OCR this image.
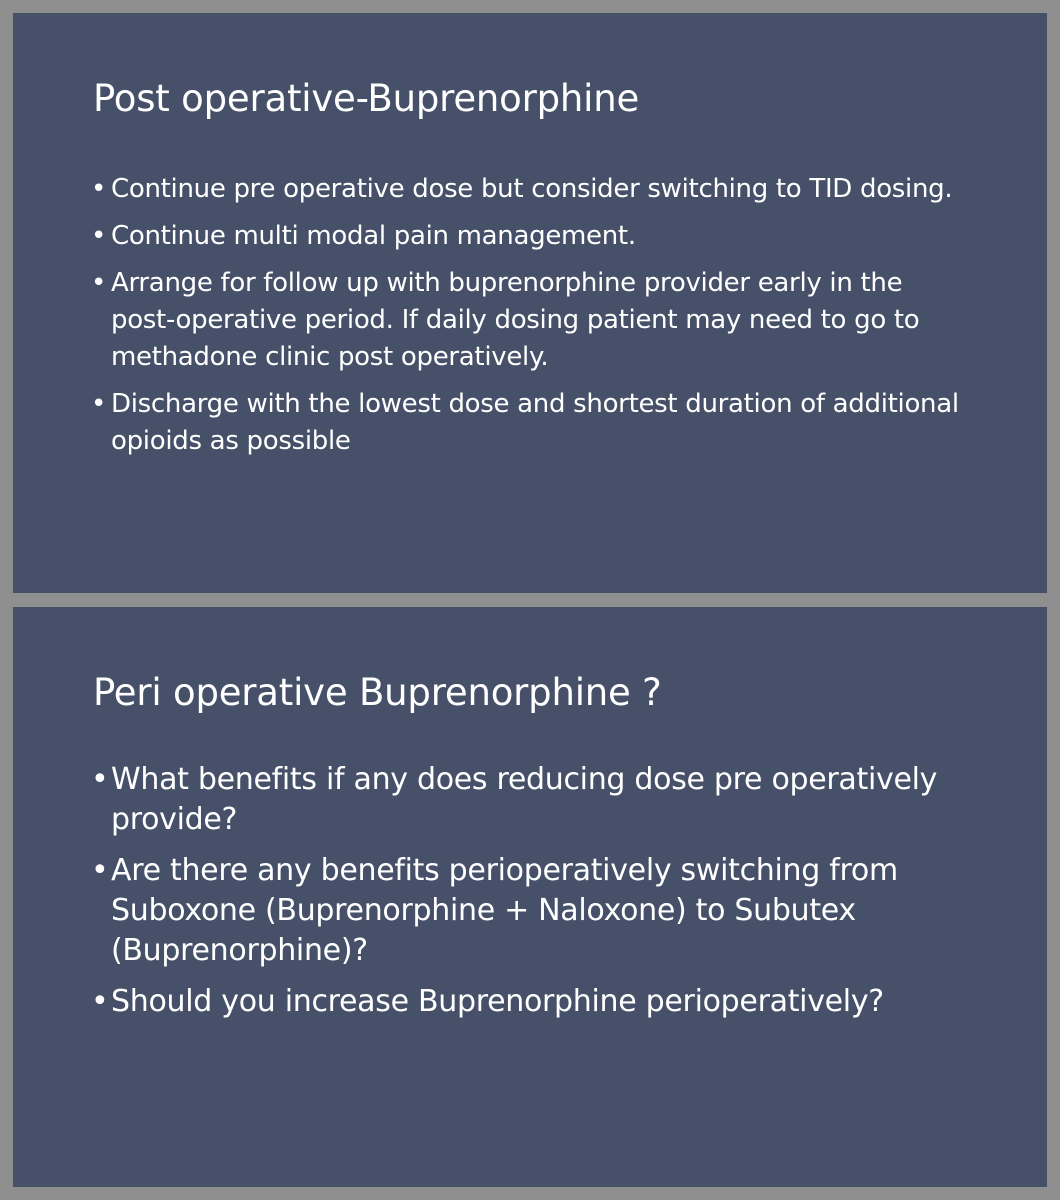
Post operative-Buprenorphine
• Continue pre operative dose but consider switching to TID dosing.
• Continue multi modal pain management.
• Arrange for follow up with buprenorphine provider early in the post-operative period. If daily dosing patient may need to go to methadone clinic post operatively.
• Discharge with the lowest dose and shortest duration of additional opioids as possible
Peri operative Buprenorphine ?
• What benefits if any does reducing dose pre operatively provide?
• Are there any benefits perioperatively switching from Suboxone (Buprenorphine + Naloxone) to Subutex (Buprenorphine)?
• Should you increase Buprenorphine perioperatively?
